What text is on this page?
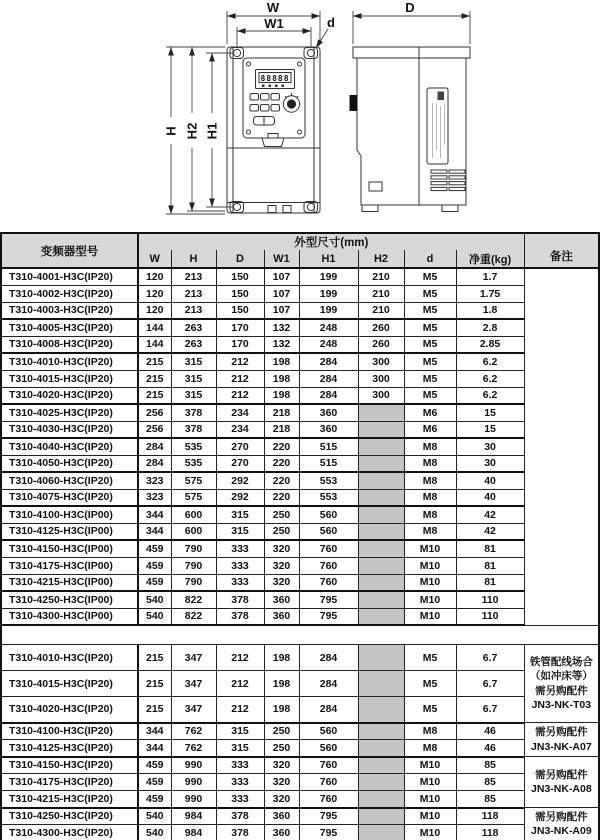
88888
W
W1	d
H H2 H1
D
变频器型号	外型尺寸(mm)								备注
	W	H	D	W1	H1	H2	d	净重(kg)	
T310-4001-H3C(IP20)	120	213	150	107	199	210	M5	1.7	
T310-4002-H3C(IP20)	120	213	150	107	199	210	M5	1.75	
T310-4003-H3C(IP20)	120	213	150	107	199	210	M5	1.8	
T310-4005-H3C(IP20)	144	263	170	132	248	260	M5	2.8	
T310-4008-H3C(IP20)	144	263	170	132	248	260	M5	2.85	
T310-4010-H3C(IP20)	215	315	212	198	284	300	M5	6.2	
T310-4015-H3C(IP20)	215	315	212	198	284	300	M5	6.2	
T310-4020-H3C(IP20)	215	315	212	198	284	300	M5	6.2	
T310-4025-H3C(IP20)	256	378	234	218	360		M6	15	
T310-4030-H3C(IP20)	256	378	234	218	360		M6	15	
T310-4040-H3C(IP20)	284	535	270	220	515		M8	30	
T310-4050-H3C(IP20)	284	535	270	220	515		M8	30	
T310-4060-H3C(IP20)	323	575	292	220	553		M8	40	
T310-4075-H3C(IP20)	323	575	292	220	553		M8	40	
T310-4100-H3C(IP00)	344	600	315	250	560		M8	42	
T310-4125-H3C(IP00)	344	600	315	250	560		M8	42	
T310-4150-H3C(IP00)	459	790	333	320	760		M10	81	
T310-4175-H3C(IP00)	459	790	333	320	760		M10	81	
T310-4215-H3C(IP00)	459	790	333	320	760		M10	81	
T310-4250-H3C(IP00)	540	822	378	360	795		M10	110	
T310-4300-H3C(IP00)	540	822	378	360	795		M10	110	

T310-4010-H3C(IP20)	215	347	212	198	284		M5	6.7	铁管配线场合
（如冲床等）
需另购配件
JN3-NK-T03

T310-4015-H3C(IP20)	215	347	212	198	284		M5	6.7	
T310-4020-H3C(IP20)	215	347	212	198	284		M5	6.7	
T310-4100-H3C(IP20)	344	762	315	250	560		M8	46	需另购配件
JN3-NK-A07

T310-4125-H3C(IP20)	344	762	315	250	560		M8	46	
T310-4150-H3C(IP20)	459	990	333	320	760		M10	85	需另购配件
JN3-NK-A08

T310-4175-H3C(IP20)	459	990	333	320	760		M10	85	
T310-4215-H3C(IP20)	459	990	333	320	760		M10	85	
T310-4250-H3C(IP20)	540	984	378	360	795		M10	118	需另购配件
JN3-NK-A09

T310-4300-H3C(IP20)	540	984	378	360	795		M10	118	
